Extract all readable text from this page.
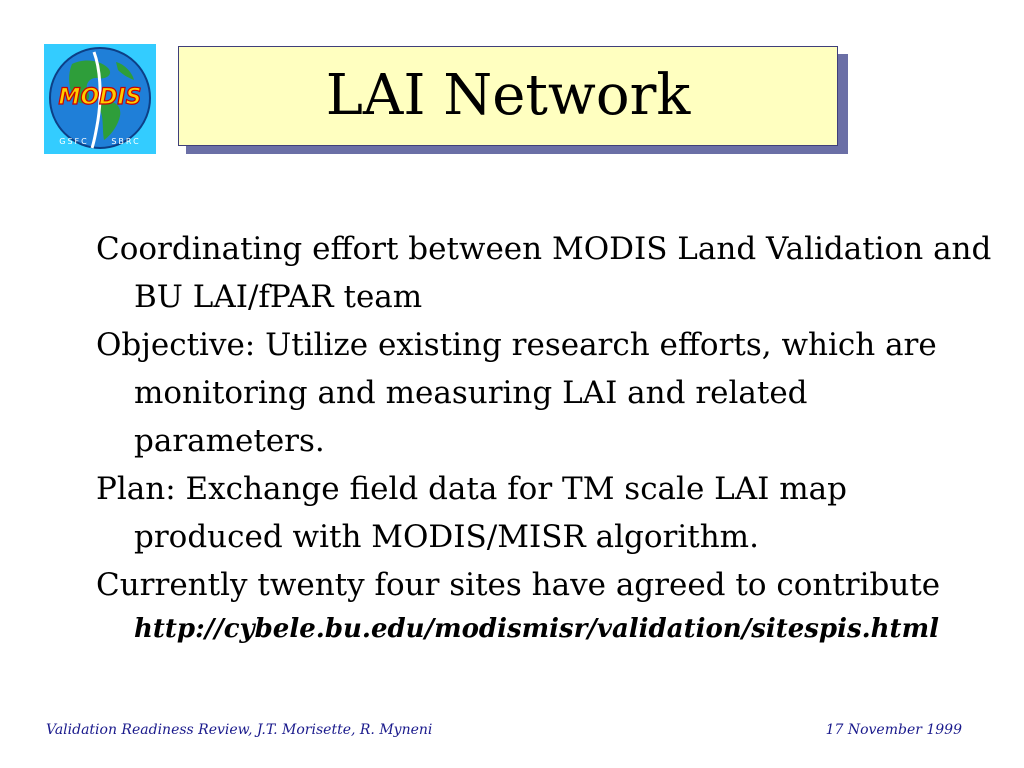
MODIS
GSFC	SBRC
LAI Network

Coordinating effort between MODIS Land Validation and BU LAI/fPAR team

Objective: Utilize existing research efforts, which are monitoring and measuring LAI and related parameters.

Plan: Exchange field data for TM scale LAI map produced with MODIS/MISR algorithm.

Currently twenty four sites have agreed to contribute
http://cybele.bu.edu/modismisr/validation/sitespis.html

Validation Readiness Review, J.T. Morisette, R. Myneni	17 November 1999
